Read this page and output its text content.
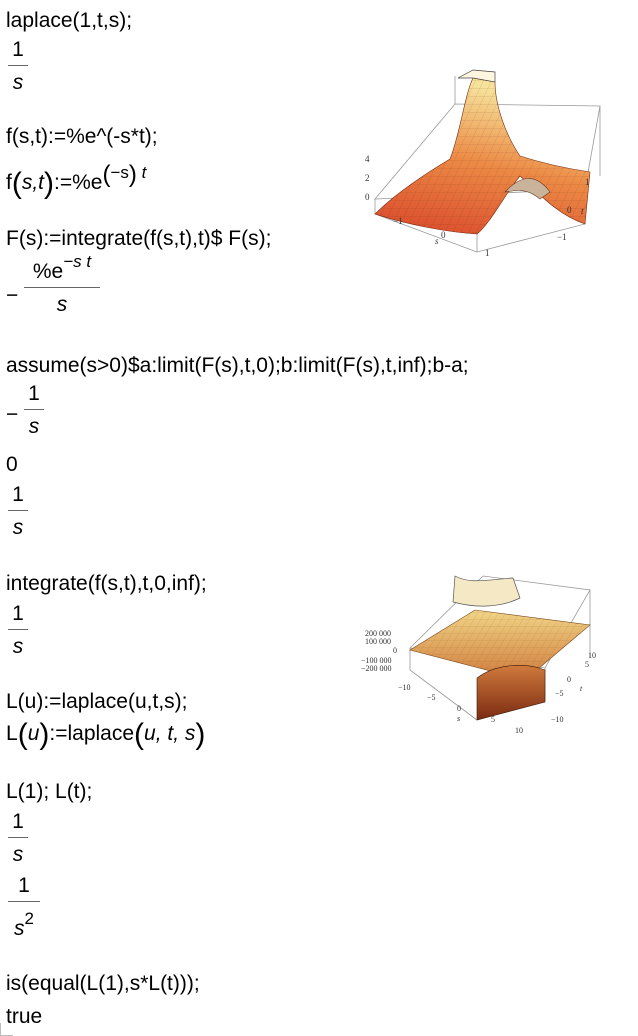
laplace(1,t,s);
1
s
f(s,t):=%e^(-s*t);
$f(s,t):=\%e^{(-s) t}$
F(s):=integrate(f(s,t),t)$ F(s);
−
$\%e^{-s t}$
s
assume(s>0)$a:limit(F(s),t,0);b:limit(F(s),t,inf);b-a;
−
1
s
0
1
s
integrate(f(s,t),t,0,inf);
1
s
L(u):=laplace(u,t,s);
L(u):=laplace(u, t, s)
L(1); L(t);
1
s
1
$s^2$
is(equal(L(1),s*L(t)));
true
4
2
0
1
0
−1
t
−1
0
1
s
200 000
100 000
0
−100 000
−200 000
10
5
0
−5
−10
t
−10
−5
0
5
10
s
